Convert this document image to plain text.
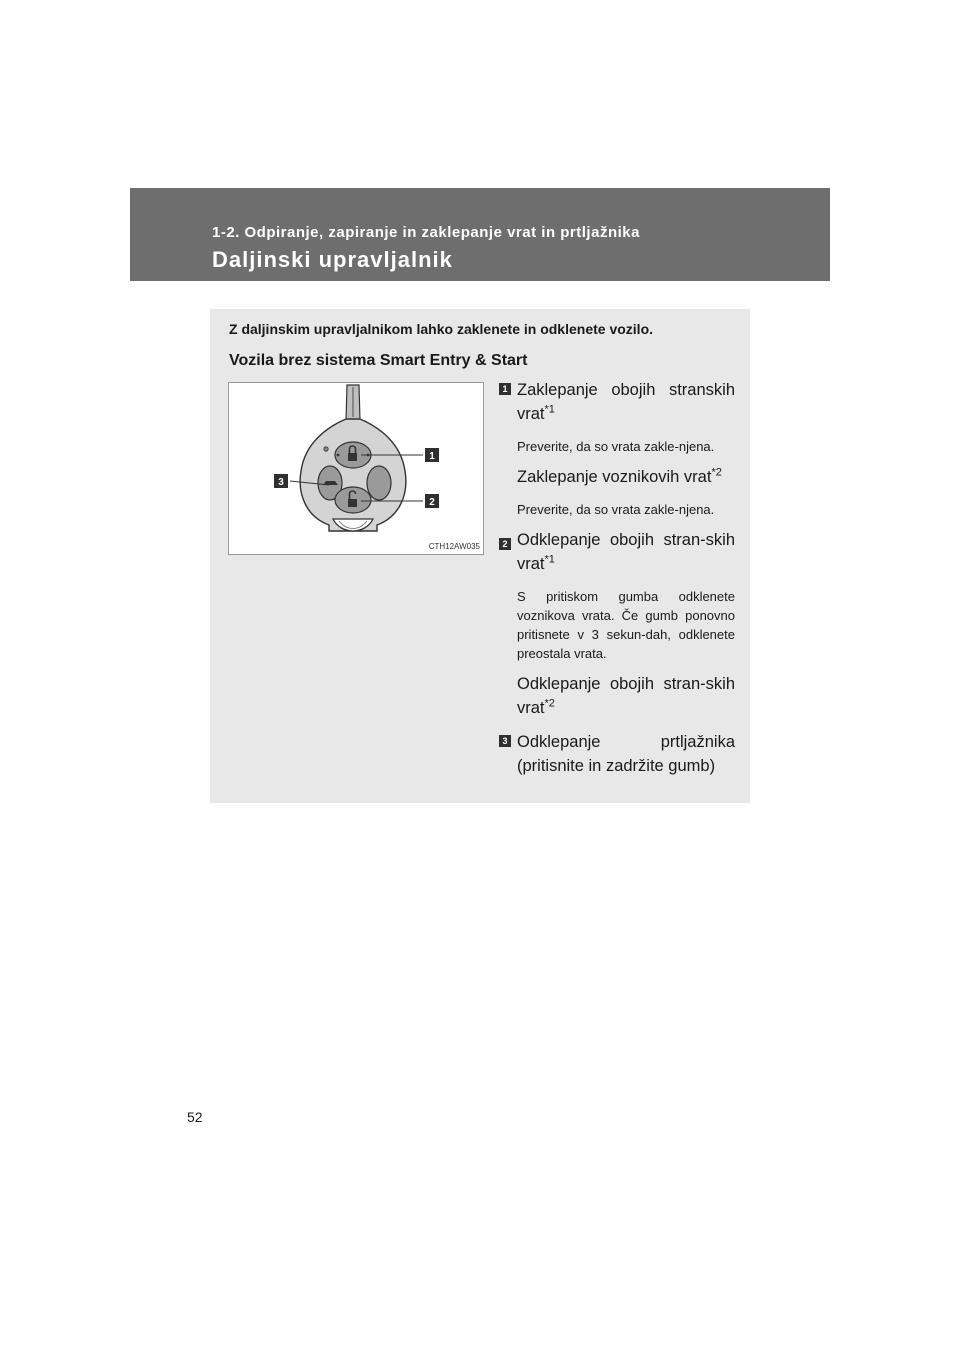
1-2. Odpiranje, zapiranje in zaklepanje vrat in prtljažnika
Daljinski upravljalnik
Z daljinskim upravljalnikom lahko zaklenete in odklenete vozilo.
Vozila brez sistema Smart Entry & Start
1
2
3
CTH12AW035
1 Zaklepanje obojih stranskih vrat$^{*1}$
Preverite, da so vrata zakle-njena.
Zaklepanje voznikovih vrat$^{*2}$
Preverite, da so vrata zakle-njena.
2 Odklepanje obojih stran-skih vrat$^{*1}$
S pritiskom gumba odklenete voznikova vrata. Če gumb ponovno pritisnete v 3 sekun-dah, odklenete preostala vrata.
Odklepanje obojih stran-skih vrat$^{*2}$
3 Odklepanje prtljažnika (pritisnite in zadržite gumb)
52
